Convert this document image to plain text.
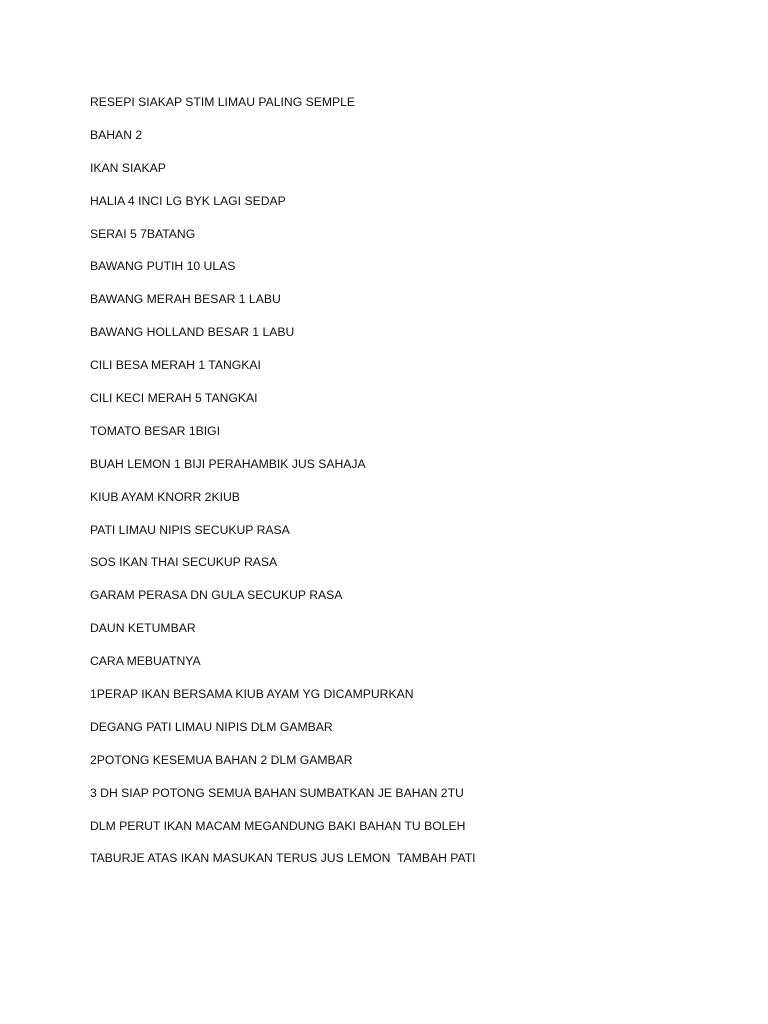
RESEPI SIAKAP STIM LIMAU PALING SEMPLE
BAHAN 2
IKAN SIAKAP
HALIA 4 INCI LG BYK LAGI SEDAP
SERAI 5 7BATANG
BAWANG PUTIH 10 ULAS
BAWANG MERAH BESAR 1 LABU
BAWANG HOLLAND BESAR 1 LABU
CILI BESA MERAH 1 TANGKAI
CILI KECI MERAH 5 TANGKAI
TOMATO BESAR 1BIGI
BUAH LEMON 1 BIJI PERAHAMBIK JUS SAHAJA
KIUB AYAM KNORR 2KIUB
PATI LIMAU NIPIS SECUKUP RASA
SOS IKAN THAI SECUKUP RASA
GARAM PERASA DN GULA SECUKUP RASA
DAUN KETUMBAR
CARA MEBUATNYA
1PERAP IKAN BERSAMA KIUB AYAM YG DICAMPURKAN
DEGANG PATI LIMAU NIPIS DLM GAMBAR
2POTONG KESEMUA BAHAN 2 DLM GAMBAR
3 DH SIAP POTONG SEMUA BAHAN SUMBATKAN JE BAHAN 2TU
DLM PERUT IKAN MACAM MEGANDUNG BAKI BAHAN TU BOLEH
TABURJE ATAS IKAN MASUKAN TERUS JUS LEMON  TAMBAH PATI
